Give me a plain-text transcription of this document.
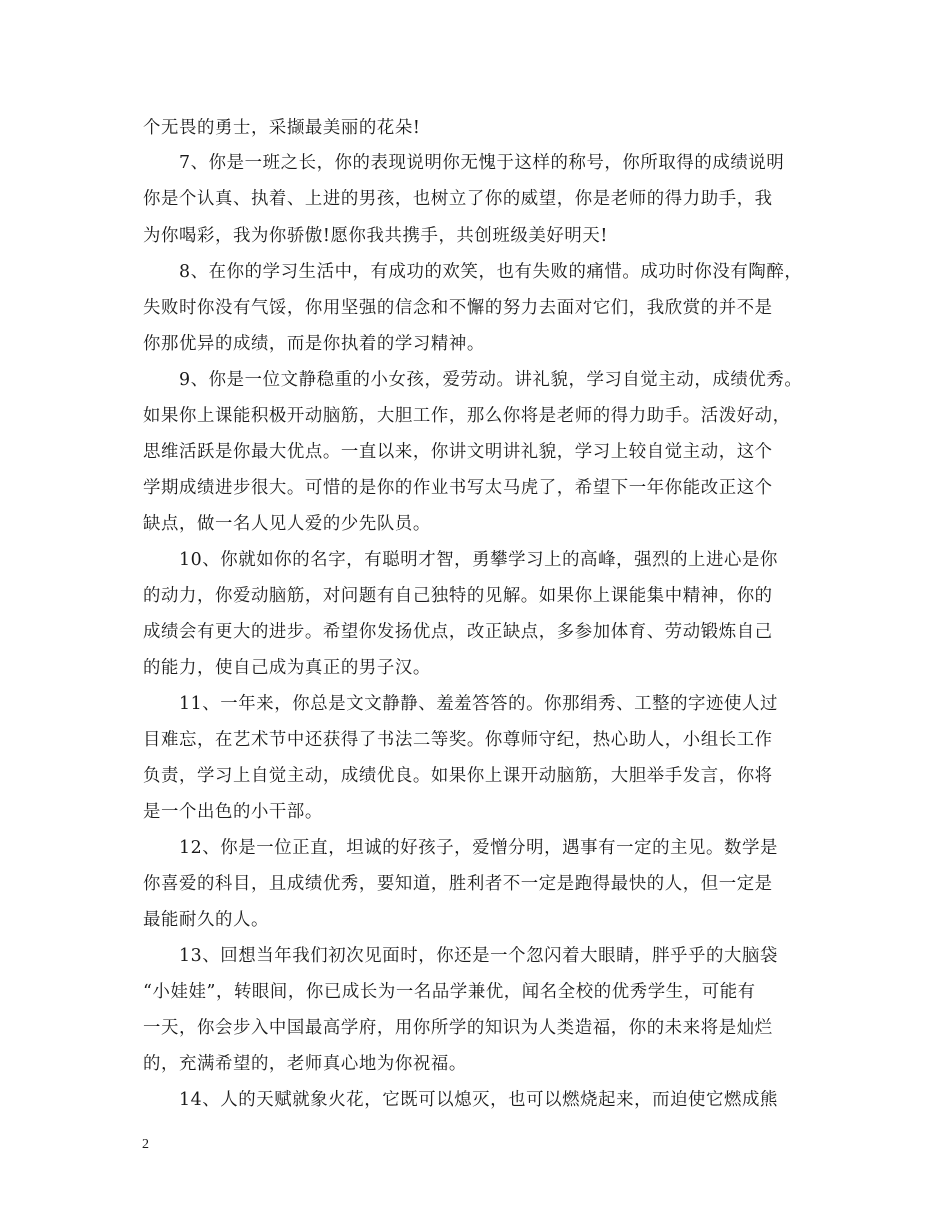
个无畏的勇士，采撷最美丽的花朵!
　　7、你是一班之长，你的表现说明你无愧于这样的称号，你所取得的成绩说明
你是个认真、执着、上进的男孩，也树立了你的威望，你是老师的得力助手，我
为你喝彩，我为你骄傲!愿你我共携手，共创班级美好明天!
　　8、在你的学习生活中，有成功的欢笑，也有失败的痛惜。成功时你没有陶醉，
失败时你没有气馁，你用坚强的信念和不懈的努力去面对它们，我欣赏的并不是
你那优异的成绩，而是你执着的学习精神。
　　9、你是一位文静稳重的小女孩，爱劳动。讲礼貌，学习自觉主动，成绩优秀。
如果你上课能积极开动脑筋，大胆工作，那么你将是老师的得力助手。活泼好动，
思维活跃是你最大优点。一直以来，你讲文明讲礼貌，学习上较自觉主动，这个
学期成绩进步很大。可惜的是你的作业书写太马虎了，希望下一年你能改正这个
缺点，做一名人见人爱的少先队员。
　　10、你就如你的名字，有聪明才智，勇攀学习上的高峰，强烈的上进心是你
的动力，你爱动脑筋，对问题有自己独特的见解。如果你上课能集中精神，你的
成绩会有更大的进步。希望你发扬优点，改正缺点，多参加体育、劳动锻炼自己
的能力，使自己成为真正的男子汉。
　　11、一年来，你总是文文静静、羞羞答答的。你那绢秀、工整的字迹使人过
目难忘，在艺术节中还获得了书法二等奖。你尊师守纪，热心助人，小组长工作
负责，学习上自觉主动，成绩优良。如果你上课开动脑筋，大胆举手发言，你将
是一个出色的小干部。
　　12、你是一位正直，坦诚的好孩子，爱憎分明，遇事有一定的主见。数学是
你喜爱的科目，且成绩优秀，要知道，胜利者不一定是跑得最快的人，但一定是
最能耐久的人。
　　13、回想当年我们初次见面时，你还是一个忽闪着大眼睛，胖乎乎的大脑袋
“小娃娃”，转眼间，你已成长为一名品学兼优，闻名全校的优秀学生，可能有
一天，你会步入中国最高学府，用你所学的知识为人类造福，你的未来将是灿烂
的，充满希望的，老师真心地为你祝福。
　　14、人的天赋就象火花，它既可以熄灭，也可以燃烧起来，而迫使它燃成熊
2
